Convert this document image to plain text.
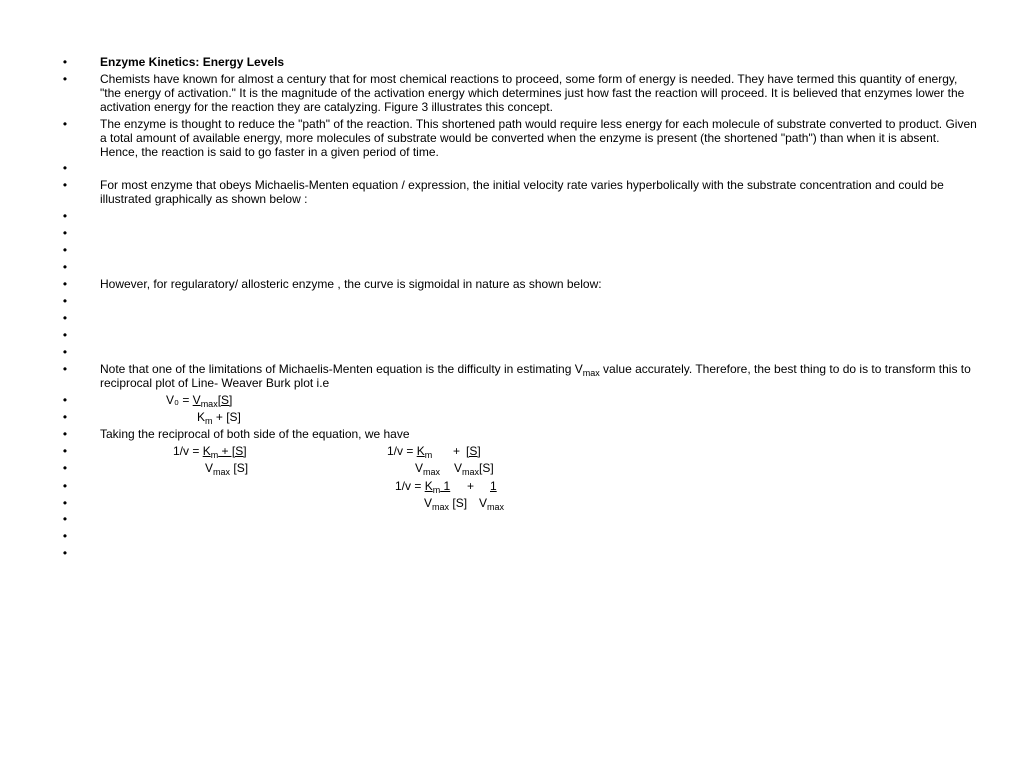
•	Enzyme Kinetics: Energy Levels
•	Chemists have known for almost a century that for most chemical reactions to proceed, some form of energy is needed. They have termed this quantity of energy, "the energy of activation." It is the magnitude of the activation energy which determines just how fast the reaction will proceed. It is believed that enzymes lower the activation energy for the reaction they are catalyzing. Figure 3 illustrates this concept.
•	The enzyme is thought to reduce the "path" of the reaction. This shortened path would require less energy for each molecule of substrate converted to product. Given a total amount of available energy, more molecules of substrate would be converted when the enzyme is present (the shortened "path") than when it is absent. Hence, the reaction is said to go faster in a given period of time.
•
•	For most enzyme that obeys Michaelis-Menten equation / expression, the initial velocity rate varies hyperbolically with the substrate concentration and could be illustrated graphically as shown below :
•
•
•
•
•	However, for regularatory/ allosteric enzyme , the curve is sigmoidal in nature as shown below:
•
•
•
•
•	Note that one of the limitations of Michaelis-Menten equation is the difficulty in estimating $V_{max}$ value accurately. Therefore, the best thing to do is to transform this to reciprocal plot of Line- Weaver Burk plot i.e
•	$V_0 = V_{max}[S]$
•	$K_m + [S]$
•	Taking the reciprocal of both side of the equation, we have
•	$1/v = K_m + [S]$	$1/v = K_m + [S]$
•	$V_{max}$ [S]	$V_{max}$ $V_{max}[S]$
•	$1/v = K_m$ 1 + 1
•	$V_{max}$ [S] $V_{max}$
•
•
•
